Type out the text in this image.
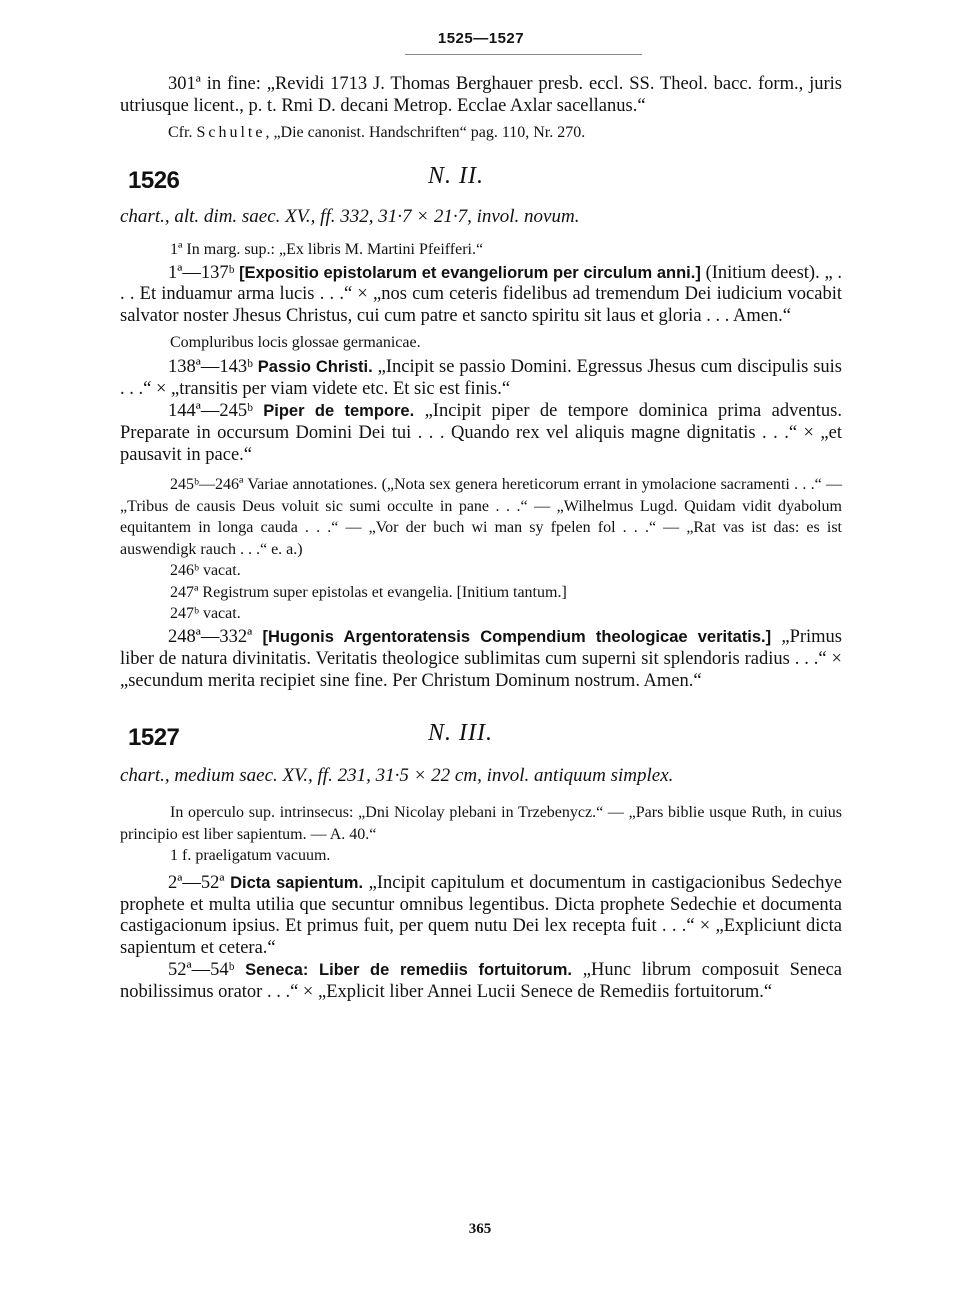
1525—1527

301ª in fine: „Revidi 1713 J. Thomas Berghauer presb. eccl. SS. Theol. bacc. form., juris utriusque licent., p. t. Rmi D. decani Metrop. Ecclae Axlar sacellanus.“

Cfr. Schulte, „Die canonist. Handschriften“ pag. 110, Nr. 270.

1526	N. II.

chart., alt. dim. saec. XV., ff. 332, 31·7 × 21·7, invol. novum.

1ª In marg. sup.: „Ex libris M. Martini Pfeifferi.“

1ª—137ᵇ [Expositio epistolarum et evangeliorum per circulum anni.] (Initium deest). „ . . . Et induamur arma lucis . . .“ × „nos cum ceteris fidelibus ad tremendum Dei iudicium vocabit salvator noster Jhesus Christus, cui cum patre et sancto spiritu sit laus et gloria . . . Amen.“

Compluribus locis glossae germanicae.

138ª—143ᵇ Passio Christi. „Incipit se passio Domini. Egressus Jhesus cum discipulis suis . . .“ × „transitis per viam videte etc. Et sic est finis.“

144ª—245ᵇ Piper de tempore. „Incipit piper de tempore dominica prima adventus. Preparate in occursum Domini Dei tui . . . Quando rex vel aliquis magne dignitatis . . .“ × „et pausavit in pace.“

245ᵇ—246ª Variae annotationes. („Nota sex genera hereticorum errant in ymolacione sacramenti . . .“ — „Tribus de causis Deus voluit sic sumi occulte in pane . . .“ — „Wilhelmus Lugd. Quidam vidit dyabolum equitantem in longa cauda . . .“ — „Vor der buch wi man sy fpelen fol . . .“ — „Rat vas ist das: es ist auswendigk rauch . . .“ e. a.)

246ᵇ vacat.

247ª Registrum super epistolas et evangelia. [Initium tantum.]

247ᵇ vacat.

248ª—332ª [Hugonis Argentoratensis Compendium theologicae veritatis.] „Primus liber de natura divinitatis. Veritatis theologice sublimitas cum superni sit splendoris radius . . .“ × „secundum merita recipiet sine fine. Per Christum Dominum nostrum. Amen.“

1527	N. III.

chart., medium saec. XV., ff. 231, 31·5 × 22 cm, invol. antiquum simplex.

In operculo sup. intrinsecus: „Dni Nicolay plebani in Trzebenycz.“ — „Pars biblie usque Ruth, in cuius principio est liber sapientum. — A. 40.“

1 f. praeligatum vacuum.

2ª—52ª Dicta sapientum. „Incipit capitulum et documentum in castigacionibus Sedechye prophete et multa utilia que secuntur omnibus legentibus. Dicta prophete Sedechie et documenta castigacionum ipsius. Et primus fuit, per quem nutu Dei lex recepta fuit . . .“ × „Expliciunt dicta sapientum et cetera.“

52ª—54ᵇ Seneca: Liber de remediis fortuitorum. „Hunc librum composuit Seneca nobilissimus orator . . .“ × „Explicit liber Annei Lucii Senece de Remediis fortuitorum.“

365
